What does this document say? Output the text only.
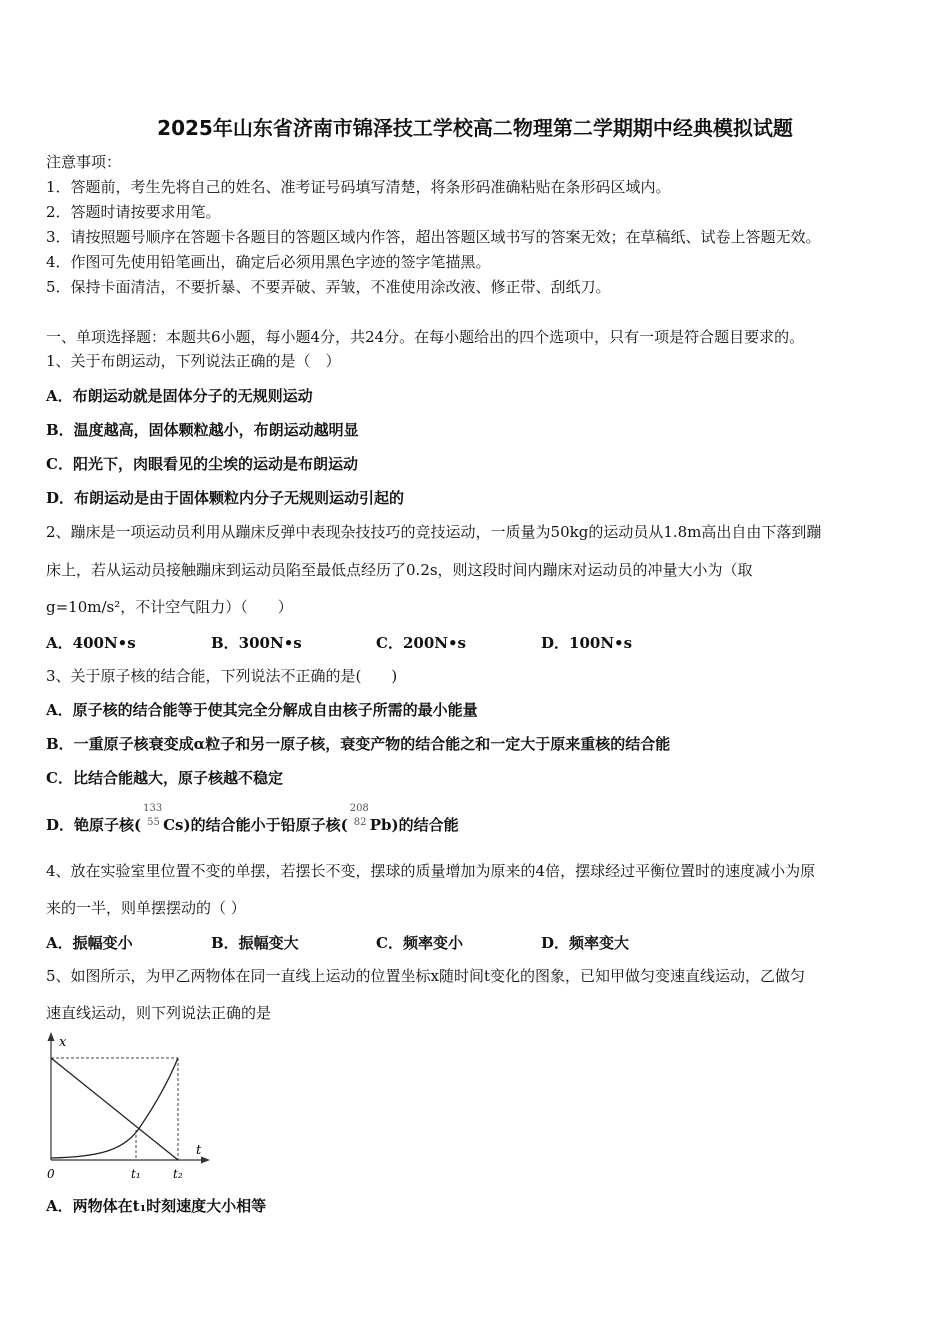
2025年山东省济南市锦泽技工学校高二物理第二学期期中经典模拟试题
注意事项：
1．答题前，考生先将自己的姓名、准考证号码填写清楚，将条形码准确粘贴在条形码区域内。
2．答题时请按要求用笔。
3．请按照题号顺序在答题卡各题目的答题区域内作答，超出答题区域书写的答案无效；在草稿纸、试卷上答题无效。
4．作图可先使用铅笔画出，确定后必须用黑色字迹的签字笔描黑。
5．保持卡面清洁，不要折暴、不要弄破、弄皱，不准使用涂改液、修正带、刮纸刀。
一、单项选择题：本题共6小题，每小题4分，共24分。在每小题给出的四个选项中，只有一项是符合题目要求的。
1、关于布朗运动，下列说法正确的是（　）
A．布朗运动就是固体分子的无规则运动
B．温度越高，固体颗粒越小，布朗运动越明显
C．阳光下，肉眼看见的尘埃的运动是布朗运动
D．布朗运动是由于固体颗粒内分子无规则运动引起的
2、蹦床是一项运动员利用从蹦床反弹中表现杂技技巧的竞技运动，一质量为50kg的运动员从1.8m高出自由下落到蹦
床上，若从运动员接触蹦床到运动员陷至最低点经历了0.2s，则这段时间内蹦床对运动员的冲量大小为（取
g=10m/s²，不计空气阻力）（　　）
A．400N•s	B．300N•s	C．200N•s	D．100N•s
3、关于原子核的结合能，下列说法不正确的是(　　)
A．原子核的结合能等于使其完全分解成自由核子所需的最小能量
B．一重原子核衰变成α粒子和另一原子核，衰变产物的结合能之和一定大于原来重核的结合能
C．比结合能越大，原子核越不稳定
D．铯原子核(
133
55 Cs)的结合能小于铅原子核(
208
82 Pb)的结合能
4、放在实验室里位置不变的单摆，若摆长不变，摆球的质量增加为原来的4倍，摆球经过平衡位置时的速度减小为原
来的一半，则单摆摆动的（ ）
A．振幅变小	B．振幅变大	C．频率变小	D．频率变大
5、如图所示，为甲乙两物体在同一直线上运动的位置坐标x随时间t变化的图象，已知甲做匀变速直线运动，乙做匀
速直线运动，则下列说法正确的是
x
t
0	t₁	t₂
A．两物体在t₁时刻速度大小相等
